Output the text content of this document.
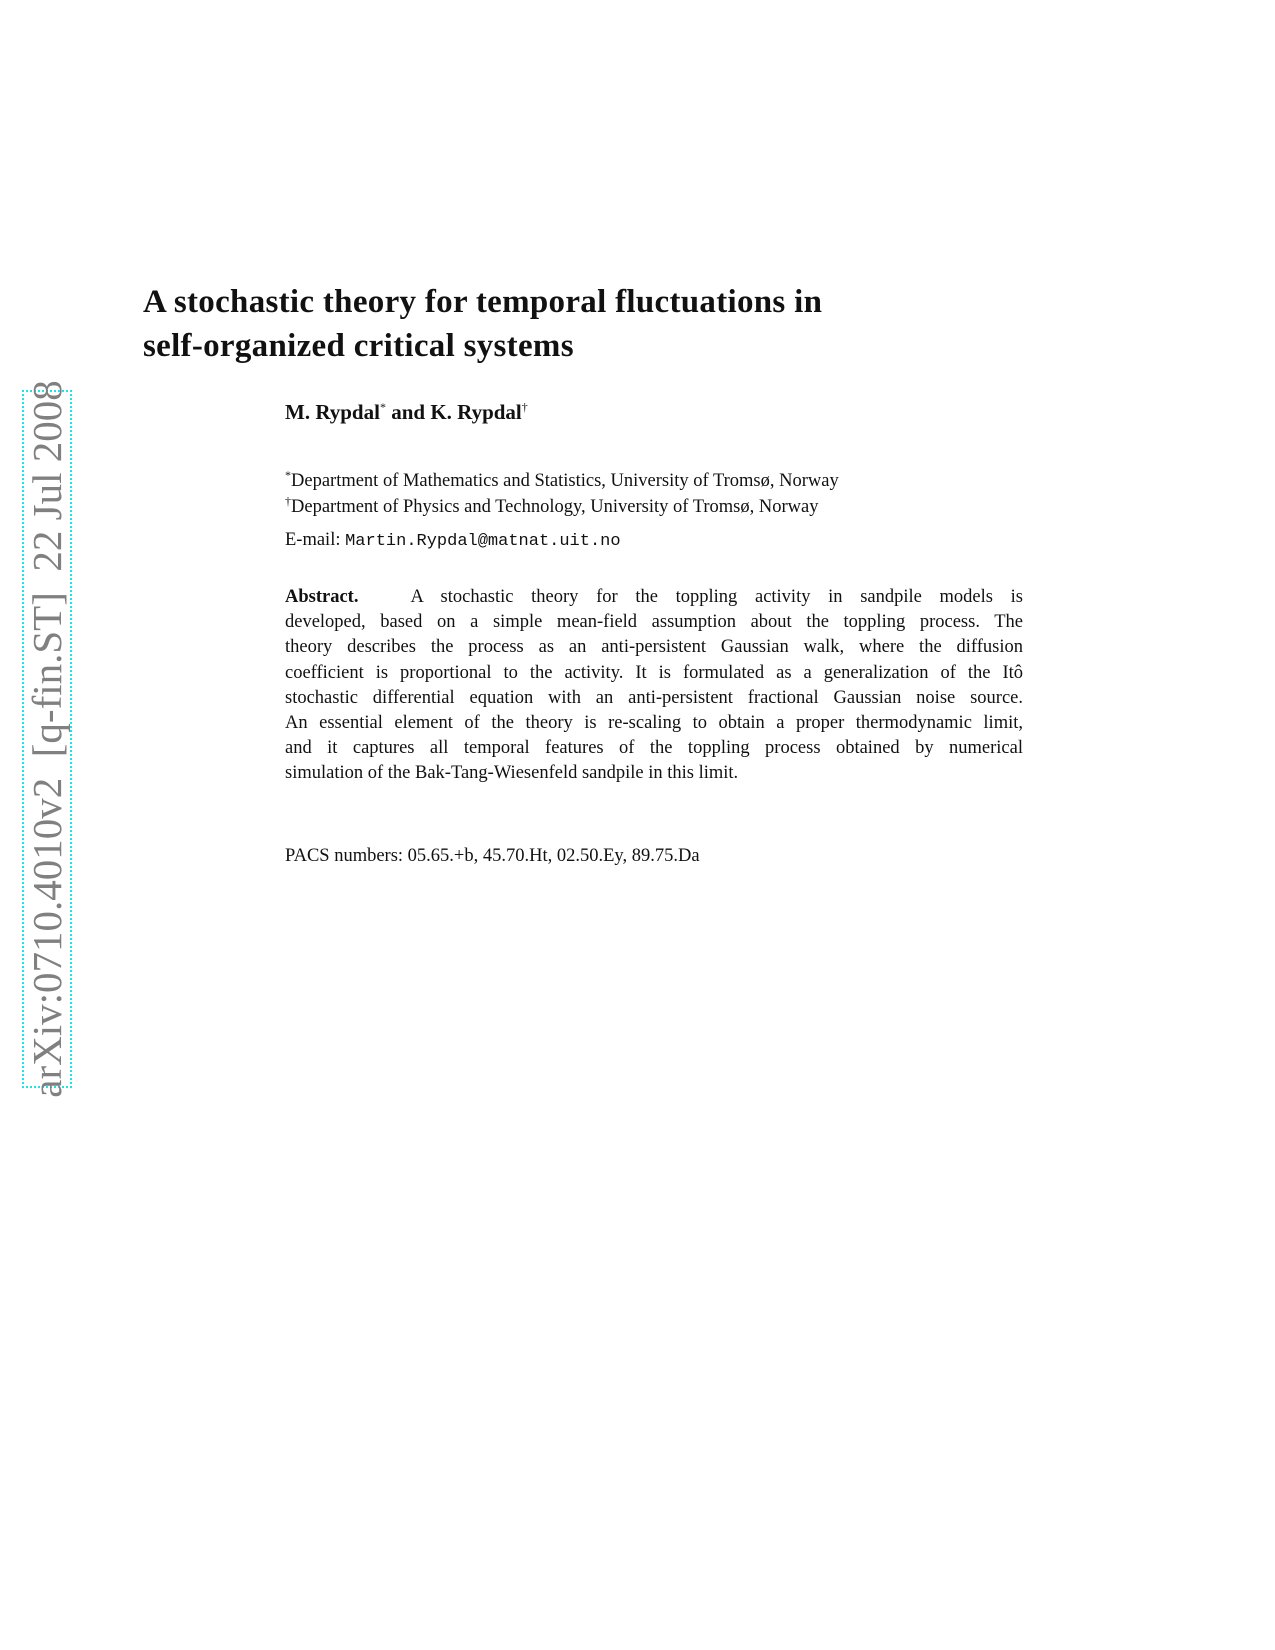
arXiv:0710.4010v2  [q-fin.ST]  22 Jul 2008
A stochastic theory for temporal fluctuations in
self-organized critical systems
M. Rypdal* and K. Rypdal†
*Department of Mathematics and Statistics, University of Tromsø, Norway
†Department of Physics and Technology, University of Tromsø, Norway
E-mail: Martin.Rypdal@matnat.uit.no
Abstract.	A stochastic theory for the toppling activity in sandpile models is
developed, based on a simple mean-field assumption about the toppling process. The
theory describes the process as an anti-persistent Gaussian walk, where the diffusion
coefficient is proportional to the activity. It is formulated as a generalization of the Itô
stochastic differential equation with an anti-persistent fractional Gaussian noise source.
An essential element of the theory is re-scaling to obtain a proper thermodynamic limit,
and it captures all temporal features of the toppling process obtained by numerical
simulation of the Bak-Tang-Wiesenfeld sandpile in this limit.
PACS numbers: 05.65.+b, 45.70.Ht, 02.50.Ey, 89.75.Da
